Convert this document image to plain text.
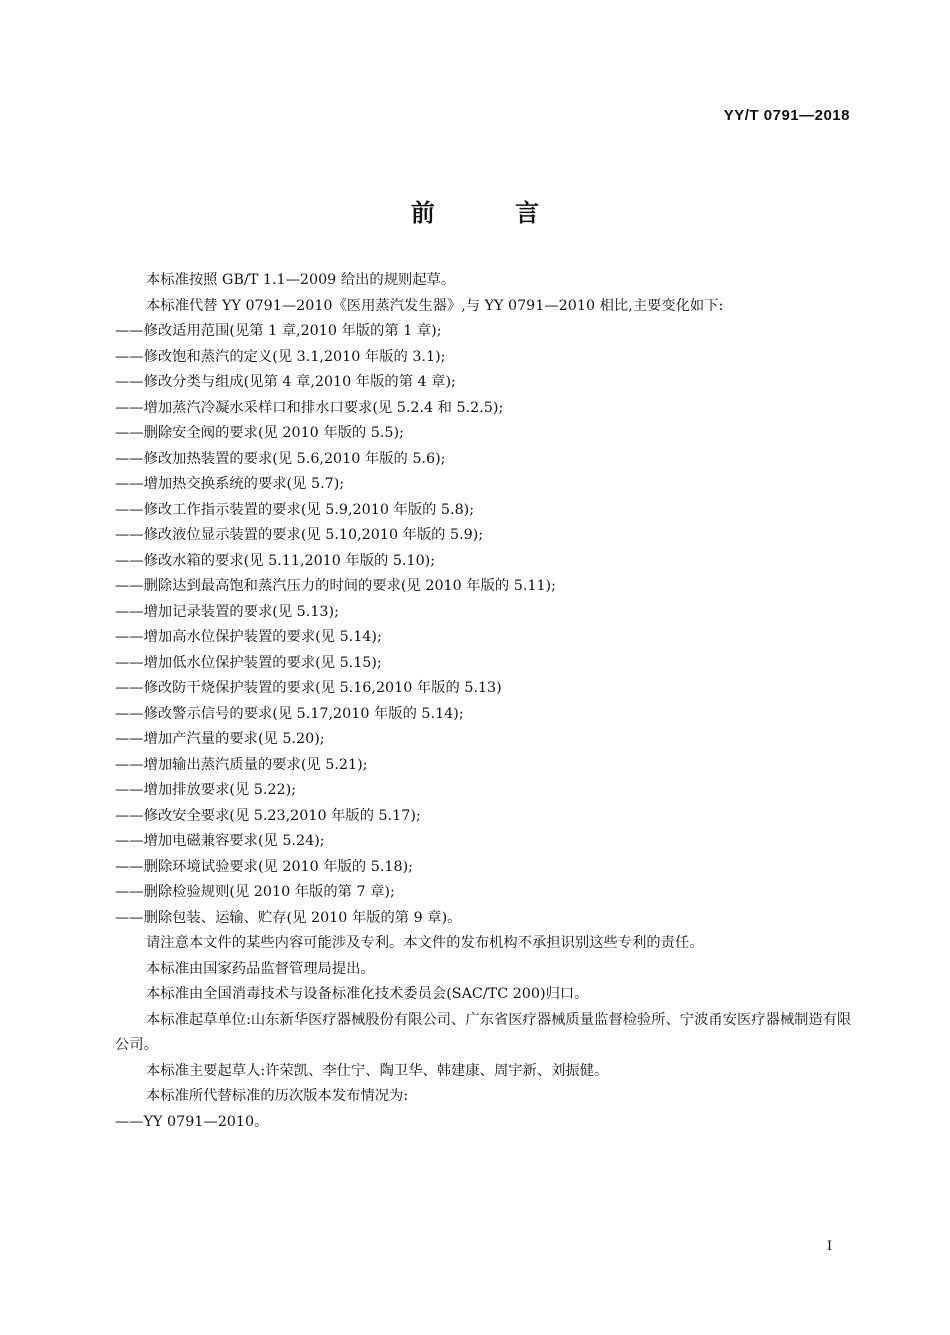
YY/T 0791—2018
前 言

本标准按照 GB/T 1.1—2009 给出的规则起草。

本标准代替 YY 0791—2010《医用蒸汽发生器》,与 YY 0791—2010 相比,主要变化如下:

——修改适用范围(见第 1 章,2010 年版的第 1 章);

——修改饱和蒸汽的定义(见 3.1,2010 年版的 3.1);

——修改分类与组成(见第 4 章,2010 年版的第 4 章);

——增加蒸汽冷凝水采样口和排水口要求(见 5.2.4 和 5.2.5);

——删除安全阀的要求(见 2010 年版的 5.5);

——修改加热装置的要求(见 5.6,2010 年版的 5.6);

——增加热交换系统的要求(见 5.7);

——修改工作指示装置的要求(见 5.9,2010 年版的 5.8);

——修改液位显示装置的要求(见 5.10,2010 年版的 5.9);

——修改水箱的要求(见 5.11,2010 年版的 5.10);

——删除达到最高饱和蒸汽压力的时间的要求(见 2010 年版的 5.11);

——增加记录装置的要求(见 5.13);

——增加高水位保护装置的要求(见 5.14);

——增加低水位保护装置的要求(见 5.15);

——修改防干烧保护装置的要求(见 5.16,2010 年版的 5.13)

——修改警示信号的要求(见 5.17,2010 年版的 5.14);

——增加产汽量的要求(见 5.20);

——增加输出蒸汽质量的要求(见 5.21);

——增加排放要求(见 5.22);

——修改安全要求(见 5.23,2010 年版的 5.17);

——增加电磁兼容要求(见 5.24);

——删除环境试验要求(见 2010 年版的 5.18);

——删除检验规则(见 2010 年版的第 7 章);

——删除包装、运输、贮存(见 2010 年版的第 9 章)。

请注意本文件的某些内容可能涉及专利。本文件的发布机构不承担识别这些专利的责任。

本标准由国家药品监督管理局提出。

本标准由全国消毒技术与设备标准化技术委员会(SAC/TC 200)归口。

本标准起草单位:山东新华医疗器械股份有限公司、广东省医疗器械质量监督检验所、宁波甬安医疗器械制造有限公司。

本标准主要起草人:许荣凯、李仕宁、陶卫华、韩建康、周宇新、刘振健。

本标准所代替标准的历次版本发布情况为:

——YY 0791—2010。

I
